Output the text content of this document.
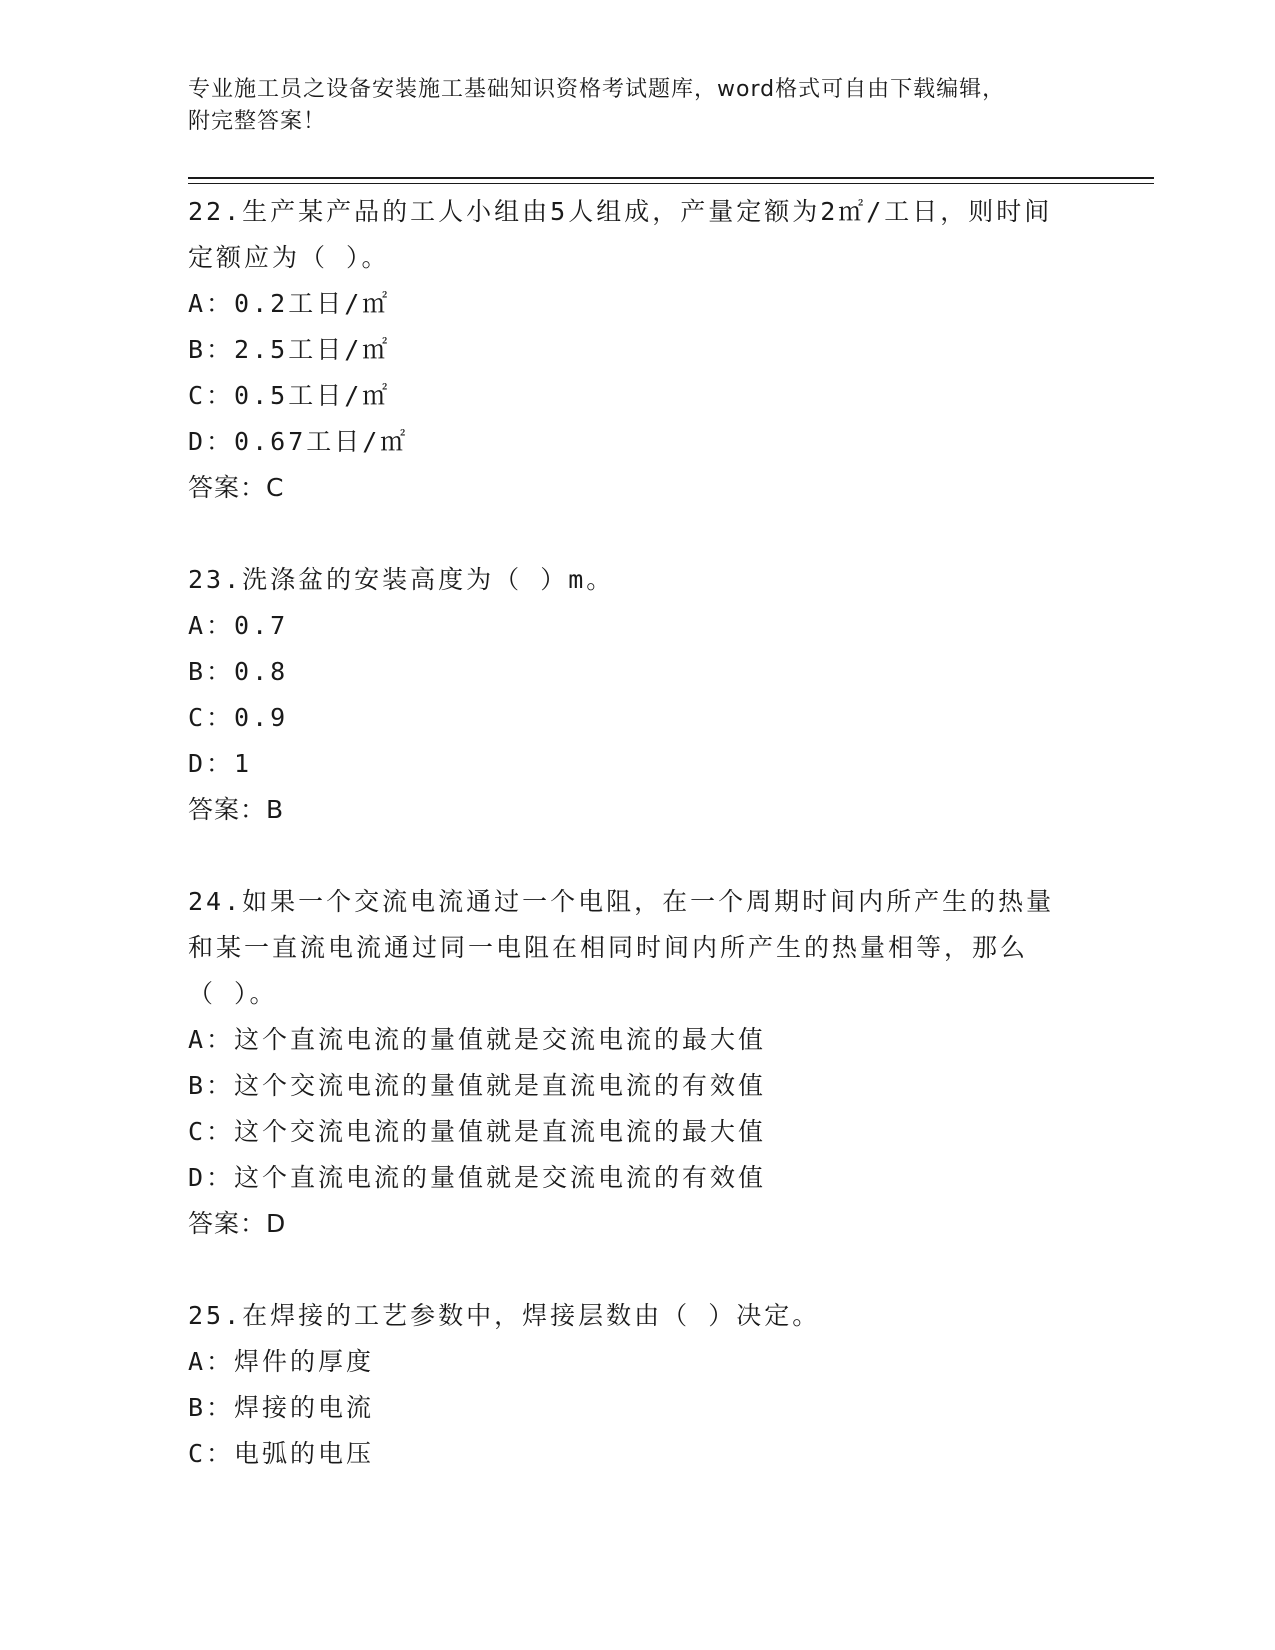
专业施工员之设备安装施工基础知识资格考试题库，word格式可自由下载编辑，
附完整答案！
22.生产某产品的工人小组由5人组成，产量定额为2㎡/工日，则时间
定额应为（ ）。
A：0.2工日/㎡
B：2.5工日/㎡
C：0.5工日/㎡
D：0.67工日/㎡
答案：C
23.洗涤盆的安装高度为（ ）m。
A：0.7
B：0.8
C：0.9
D：1
答案：B
24.如果一个交流电流通过一个电阻，在一个周期时间内所产生的热量
和某一直流电流通过同一电阻在相同时间内所产生的热量相等，那么
（ ）。
A：这个直流电流的量值就是交流电流的最大值
B：这个交流电流的量值就是直流电流的有效值
C：这个交流电流的量值就是直流电流的最大值
D：这个直流电流的量值就是交流电流的有效值
答案：D
25.在焊接的工艺参数中，焊接层数由（ ）决定。
A：焊件的厚度
B：焊接的电流
C：电弧的电压
